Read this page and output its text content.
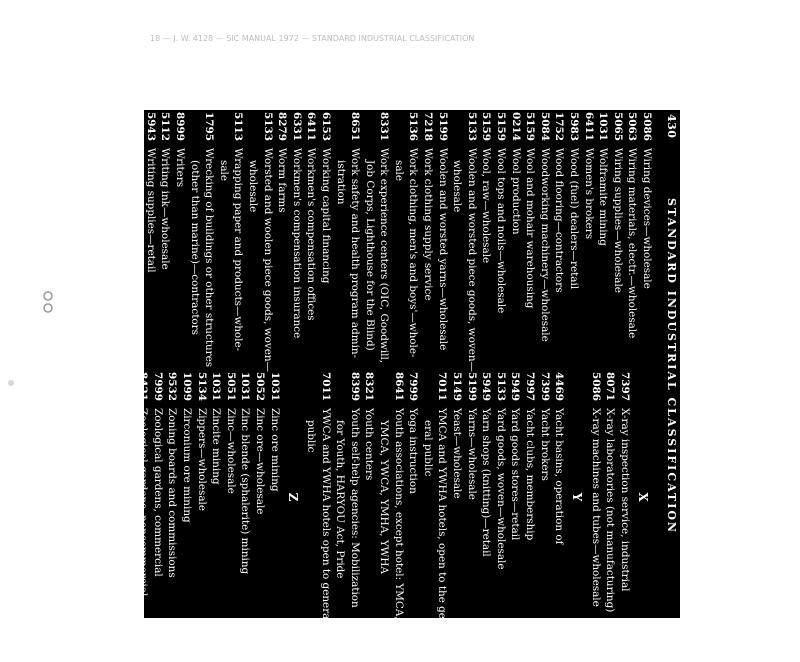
18 — J. W. 4128 — SIC MANUAL 1972 — STANDARD INDUSTRIAL CLASSIFICATION
430
STANDARD INDUSTRIAL CLASSIFICATION
5086
Wiring devices—wholesale
5063
Wiring materials, electr.—wholesale
5065
Wiring supplies—wholesale
1031
Wolframite mining
6411
Women's brokers
5983
Wood (fuel) dealers—retail
1752
Wood flooring—contractors
5084
Woodworking machinery—wholesale
5159
Wool and mohair warehousing
0214
Wool production
5159
Wool tops and noils—wholesale
5159
Wool, raw—wholesale
5133
Woolen and worsted piece goods, woven—
wholesale
5199
Woolen and worsted yarns—wholesale
7218
Work clothing supply service
5136
Work clothing, men's and boys'—whole-
sale
8331
Work experience centers (OIC, Goodwill,
Job Corps, Lighthouse for the Blind)
8651
Work safety and health program admin-
istration
6153
Working capital financing
6411
Workmen's compensation offices
6331
Workmen's compensation insurance
8279
Worm farms
5133
Worsted and woolen piece goods, woven—
wholesale
5113
Wrapping paper and products—whole-
sale
1795
Wrecking of buildings or other structures
(other than marine)—contractors
8999
Writers
5112
Writing ink—wholesale
5943
Writing supplies—retail
1031
Wulfenite mining
1499
Wurtzilite mining
X
7397
X-ray inspection service, industrial
8071
X-ray laboratories (not manufacturing)
5086
X-ray machines and tubes—wholesale
Y
4469
Yacht basins, operation of
7399
Yacht brokers
7997
Yacht clubs, membership
5949
Yard goods stores—retail
5133
Yard goods, woven—wholesale
5949
Yarn shops (knitting)—retail
5199
Yarns—wholesale
5149
Yeast—wholesale
7011
YMCA and YWHA hotels, open to the gen-
eral public
7999
Yoga instruction
8641
Youth associations, except hotel: YMCA,
YMCA, YWCA, YMHA, YWHA
8321
Youth centers
8399
Youth self-help agencies: Mobilization
for Youth, HARYOU Act, Pride
7011
YWCA and YWHA hotels open to general
public
Z
1031
Zinc ore mining
5052
Zinc ore—wholesale
1031
Zinc blende (sphalerite) mining
5051
Zinc—wholesale
1031
Zincite mining
5134
Zippers—wholesale
1099
Zirconium ore mining
9532
Zoning boards and commissions
7999
Zoological gardens, commercial
8421
Zoological gardens, noncommercial
